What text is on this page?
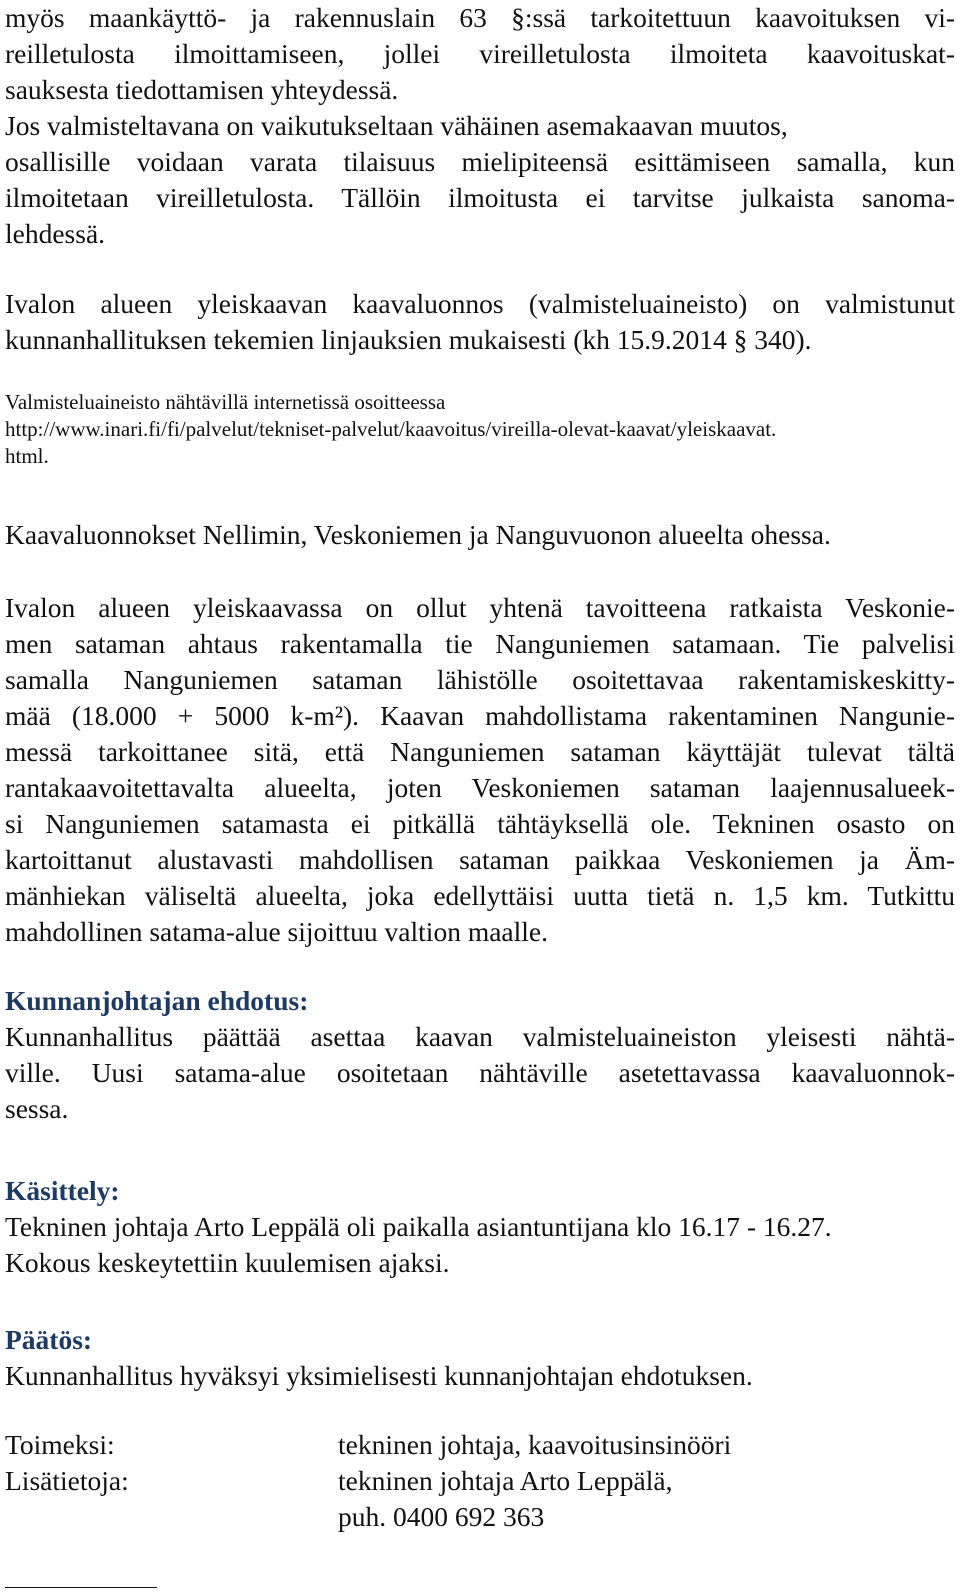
myös maankäyttö- ja rakennuslain 63 §:ssä tarkoitettuun kaavoituksen vi-
reilletulosta ilmoittamiseen, jollei vireilletulosta ilmoiteta kaavoituskat-
sauksesta tiedottamisen yhteydessä.
Jos valmisteltavana on vaikutukseltaan vähäinen asemakaavan muutos,
osallisille voidaan varata tilaisuus mielipiteensä esittämiseen samalla, kun
ilmoitetaan vireilletulosta. Tällöin ilmoitusta ei tarvitse julkaista sanoma-
lehdessä.
Ivalon alueen yleiskaavan kaavaluonnos (valmisteluaineisto) on valmistunut
kunnanhallituksen tekemien linjauksien mukaisesti (kh 15.9.2014 § 340).
Valmisteluaineisto nähtävillä internetissä osoitteessa
http://www.inari.fi/fi/palvelut/tekniset-palvelut/kaavoitus/vireilla-olevat-kaavat/yleiskaavat.
html.
Kaavaluonnokset Nellimin, Veskoniemen ja Nanguvuonon alueelta ohessa.
Ivalon alueen yleiskaavassa on ollut yhtenä tavoitteena ratkaista Veskonie-
men sataman ahtaus rakentamalla tie Nanguniemen satamaan. Tie palvelisi
samalla Nanguniemen sataman lähistölle osoitettavaa rakentamiskeskitty-
mää (18.000 + 5000 k-m²). Kaavan mahdollistama rakentaminen Nangunie-
messä tarkoittanee sitä, että Nanguniemen sataman käyttäjät tulevat tältä
rantakaavoitettavalta alueelta, joten Veskoniemen sataman laajennusalueek-
si Nanguniemen satamasta ei pitkällä tähtäyksellä ole. Tekninen osasto on
kartoittanut alustavasti mahdollisen sataman paikkaa Veskoniemen ja Äm-
mänhiekan väliseltä alueelta, joka edellyttäisi uutta tietä n. 1,5 km. Tutkittu
mahdollinen satama-alue sijoittuu valtion maalle.
Kunnanjohtajan ehdotus:
Kunnanhallitus päättää asettaa kaavan valmisteluaineiston yleisesti nähtä-
ville. Uusi satama-alue osoitetaan nähtäville asetettavassa kaavaluonnok-
sessa.
Käsittely:
Tekninen johtaja Arto Leppälä oli paikalla asiantuntijana klo 16.17 - 16.27.
Kokous keskeytettiin kuulemisen ajaksi.
Päätös:
Kunnanhallitus hyväksyi yksimielisesti kunnanjohtajan ehdotuksen.
Toimeksi:	tekninen johtaja, kaavoitusinsinööri
Lisätietoja:	tekninen johtaja Arto Leppälä,
puh. 0400 692 363
